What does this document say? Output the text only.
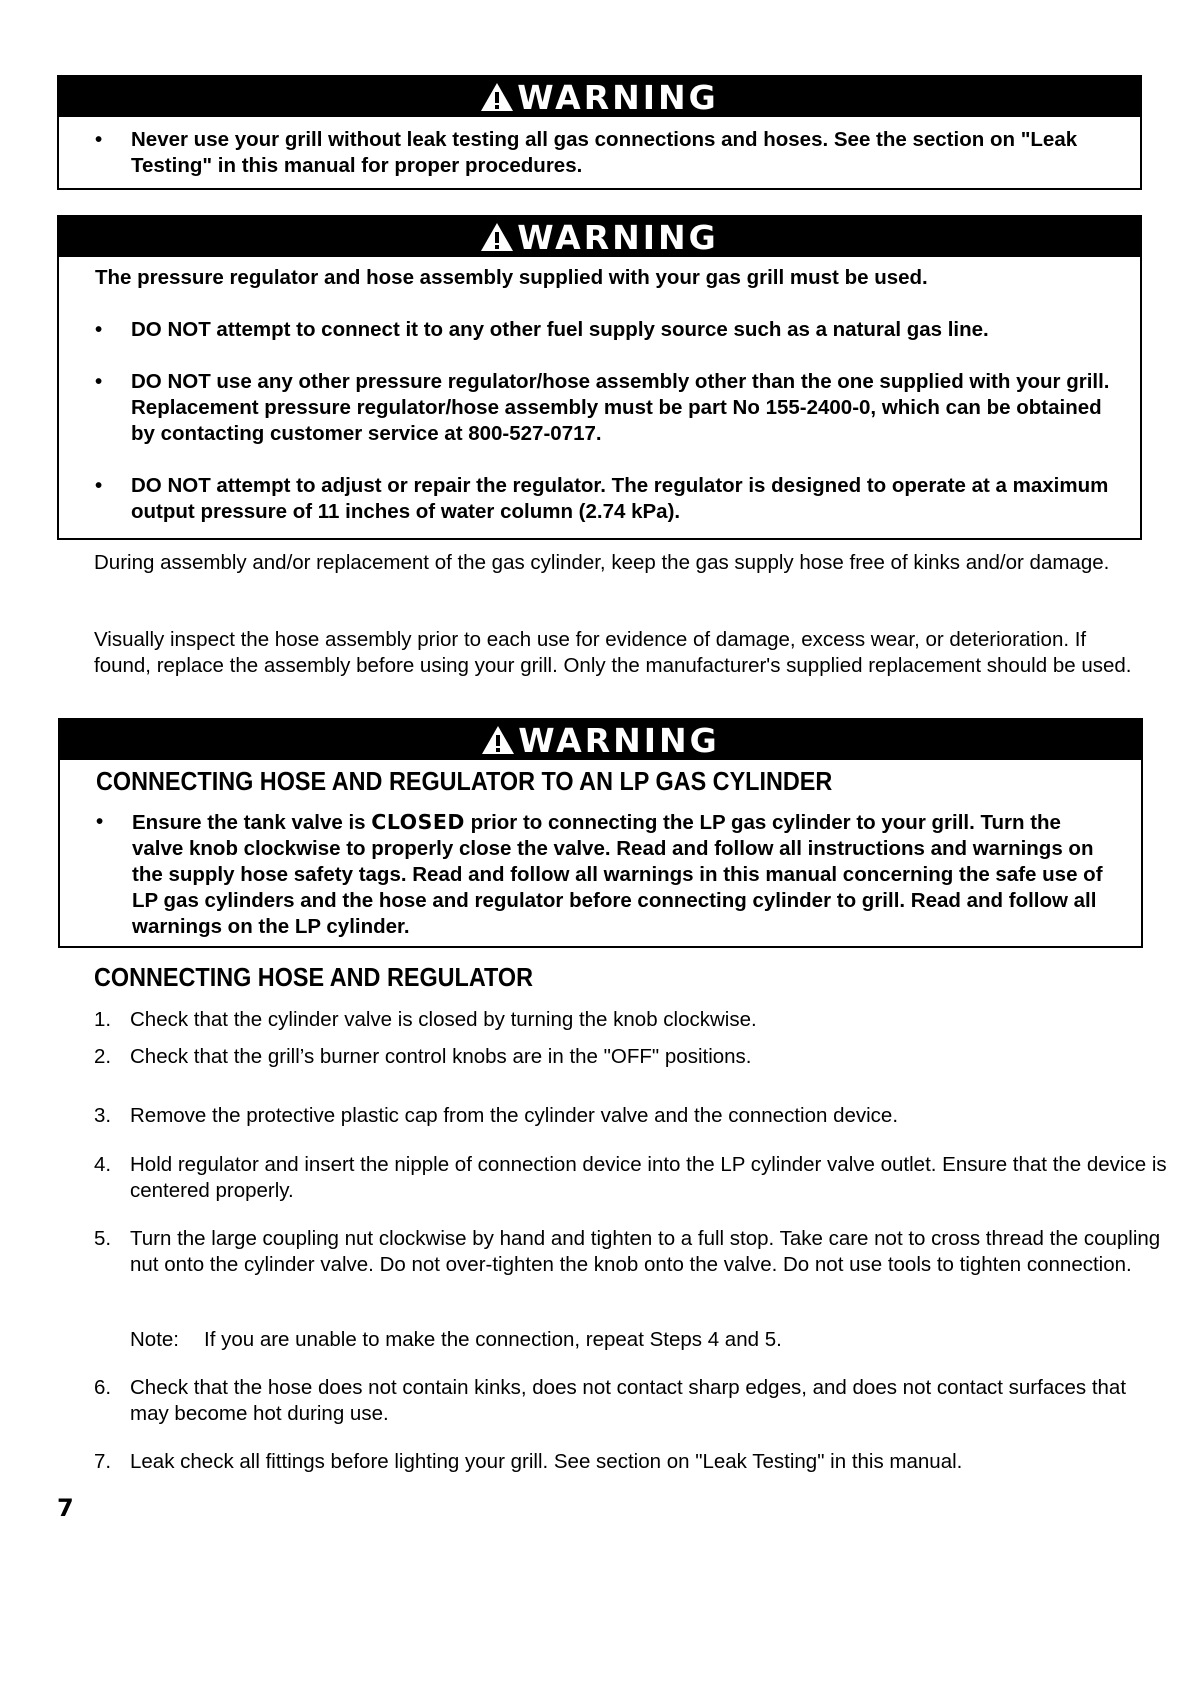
WARNING

• Never use your grill without leak testing all gas connections and hoses. See the section on "Leak Testing" in this manual for proper procedures.

WARNING

The pressure regulator and hose assembly supplied with your gas grill must be used.

• DO NOT attempt to connect it to any other fuel supply source such as a natural gas line.

• DO NOT use any other pressure regulator/hose assembly other than the one supplied with your grill. Replacement pressure regulator/hose assembly must be part No 155-2400-0, which can be obtained by contacting customer service at 800-527-0717.

• DO NOT attempt to adjust or repair the regulator. The regulator is designed to operate at a maximum output pressure of 11 inches of water column (2.74 kPa).

During assembly and/or replacement of the gas cylinder, keep the gas supply hose free of kinks and/or damage.

Visually inspect the hose assembly prior to each use for evidence of damage, excess wear, or deterioration. If found, replace the assembly before using your grill. Only the manufacturer's supplied replacement should be used.

WARNING

CONNECTING HOSE AND REGULATOR TO AN LP GAS CYLINDER

• Ensure the tank valve is CLOSED prior to connecting the LP gas cylinder to your grill. Turn the valve knob clockwise to properly close the valve. Read and follow all instructions and warnings on the supply hose safety tags. Read and follow all warnings in this manual concerning the safe use of LP gas cylinders and the hose and regulator before connecting cylinder to grill. Read and follow all warnings on the LP cylinder.

CONNECTING HOSE AND REGULATOR

1. Check that the cylinder valve is closed by turning the knob clockwise.

2. Check that the grill’s burner control knobs are in the "OFF" positions.

3. Remove the protective plastic cap from the cylinder valve and the connection device.

4. Hold regulator and insert the nipple of connection device into the LP cylinder valve outlet. Ensure that the device is centered properly.

5. Turn the large coupling nut clockwise by hand and tighten to a full stop. Take care not to cross thread the coupling nut onto the cylinder valve. Do not over-tighten the knob onto the valve. Do not use tools to tighten connection.

Note: If you are unable to make the connection, repeat Steps 4 and 5.

6. Check that the hose does not contain kinks, does not contact sharp edges, and does not contact surfaces that may become hot during use.

7. Leak check all fittings before lighting your grill. See section on "Leak Testing" in this manual.

7
